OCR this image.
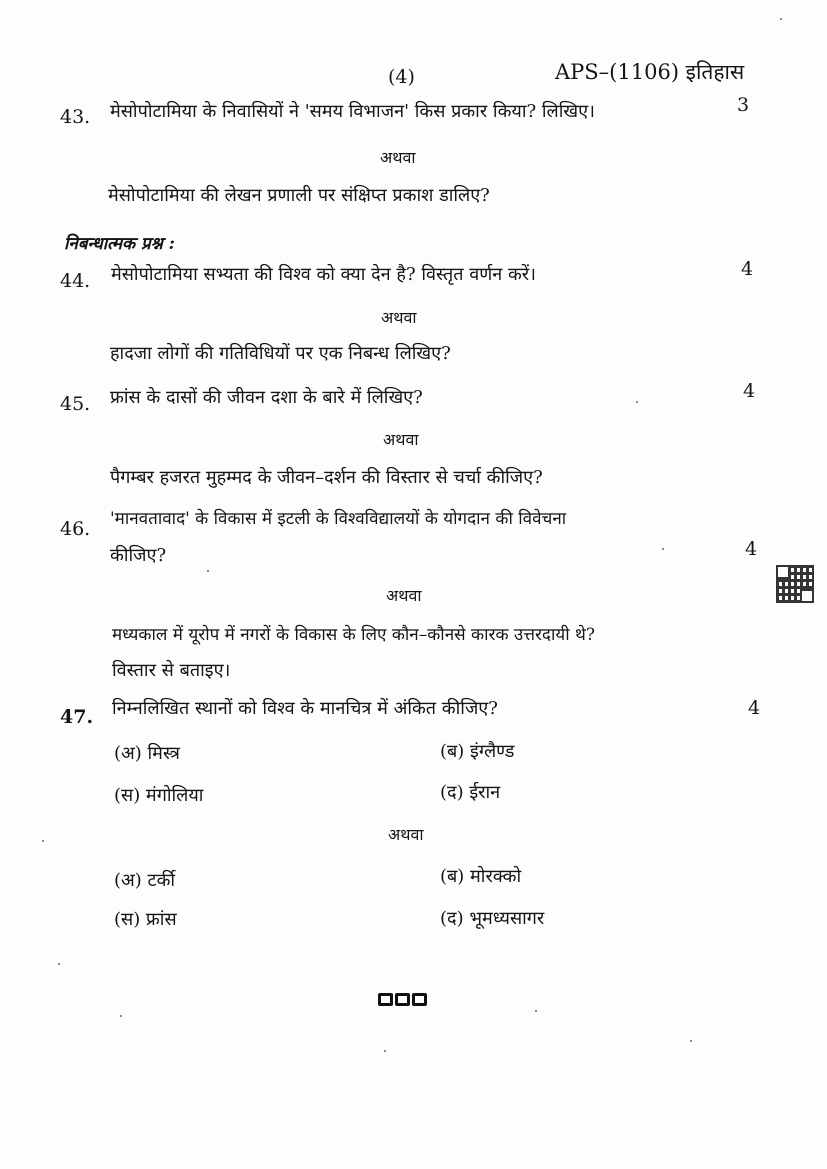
(4)	APS–(1106) इतिहास
43. मेसोपोटामिया के निवासियों ने 'समय विभाजन' किस प्रकार किया? लिखिए।	3
अथवा
मेसोपोटामिया की लेखन प्रणाली पर संक्षिप्त प्रकाश डालिए?
निबन्धात्मक प्रश्न :
44. मेसोपोटामिया सभ्यता की विश्व को क्या देन है? विस्तृत वर्णन करें।	4
अथवा
हादजा लोगों की गतिविधियों पर एक निबन्ध लिखिए?
45. फ्रांस के दासों की जीवन दशा के बारे में लिखिए?	4
अथवा
पैगम्बर हजरत मुहम्मद के जीवन–दर्शन की विस्तार से चर्चा कीजिए?
46. 'मानवतावाद' के विकास में इटली के विश्वविद्यालयों के योगदान की विवेचना
कीजिए?	4
अथवा
मध्यकाल में यूरोप में नगरों के विकास के लिए कौन–कौनसे कारक उत्तरदायी थे?
विस्तार से बताइए।
47. निम्नलिखित स्थानों को विश्व के मानचित्र में अंकित कीजिए?	4
(अ) मिस्त्र	(ब) इंग्लैण्ड
(स) मंगोलिया	(द) ईरान
अथवा
(अ) टर्की	(ब) मोरक्को
(स) फ्रांस	(द) भूमध्यसागर
